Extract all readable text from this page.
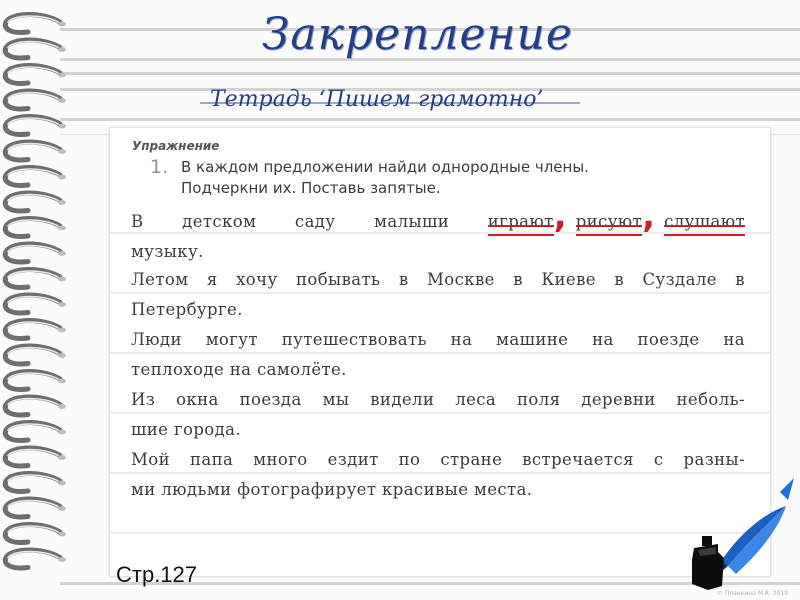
Закрепление
Тетрадь ‘Пишем грамотно’
Упражнение
1. В каждом предложении найди однородные члены.
Подчеркни их. Поставь запятые.
В детском саду малыши играют, рисуют, слушают
музыку.
Летом я хочу побывать в Москве в Киеве в Суздале в
Петербурге.
Люди могут путешествовать на машине на поезде на
теплоходе на самолёте.
Из окна поезда мы видели леса поля деревни неболь-
шие города.
Мой папа много ездит по стране встречается с разны-
ми людьми фотографирует красивые места.
Стр.127
© Планкина М.А. 2019
